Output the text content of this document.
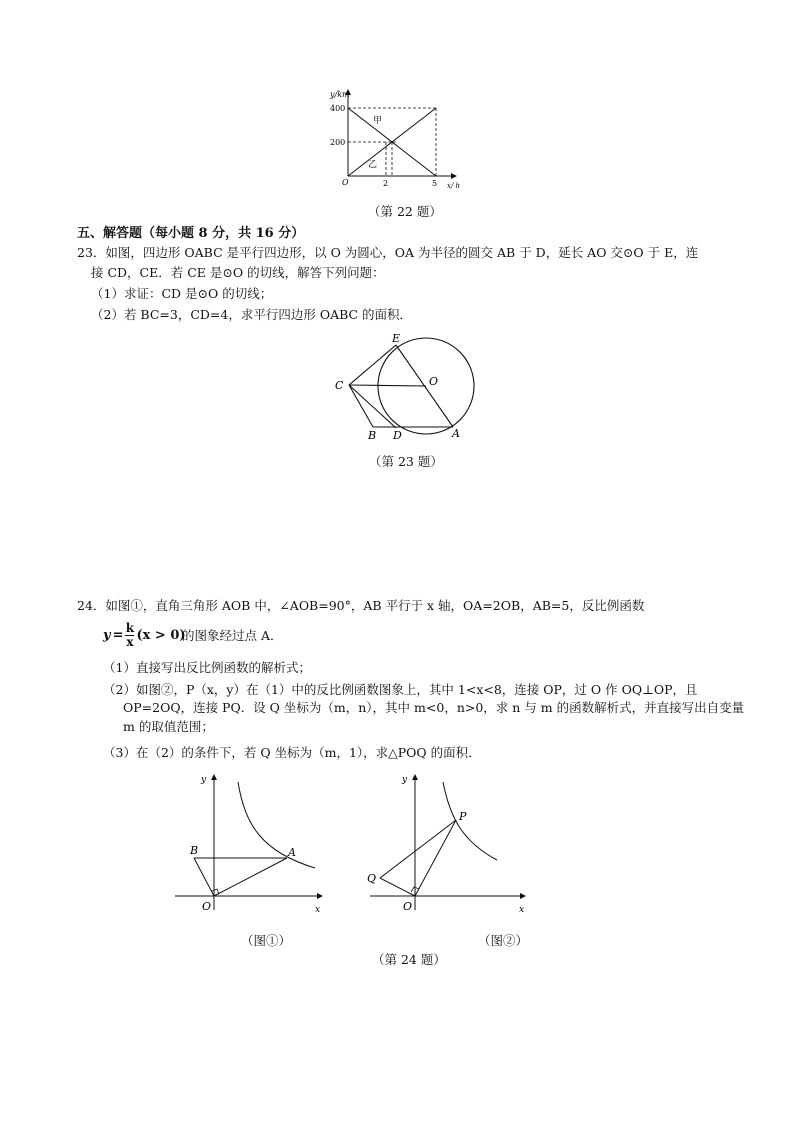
y/km
400
200
O	2	5 x/ h
甲
乙
（第 22 题）
五、解答题（每小题 8 分，共 16 分）
23．如图，四边形 OABC 是平行四边形，以 O 为圆心，OA 为半径的圆交 AB 于 D，延长 AO 交⊙O 于 E，连
接 CD，CE．若 CE 是⊙O 的切线，解答下列问题：
（1）求证：CD 是⊙O 的切线；
（2）若 BC=3，CD=4，求平行四边形 OABC 的面积．
E
C	O
B D	A
（第 23 题）
24．如图①，直角三角形 AOB 中，∠AOB=90°，AB 平行于 x 轴，OA=2OB，AB=5，反比例函数
y = k
x (x > 0)
的图象经过点 A．
（1）直接写出反比例函数的解析式；
（2）如图②，P（x，y）在（1）中的反比例函数图象上，其中 1<x<8，连接 OP，过 O 作 OQ⊥OP，且
OP=2OQ，连接 PQ．设 Q 坐标为（m，n），其中 m<0，n>0，求 n 与 m 的函数解析式，并直接写出自变量
m 的取值范围；
（3）在（2）的条件下，若 Q 坐标为（m，1），求△POQ 的面积．
y
x
O
B	A
（图①）
y
x
O
P
Q
（图②）
（第 24 题）
